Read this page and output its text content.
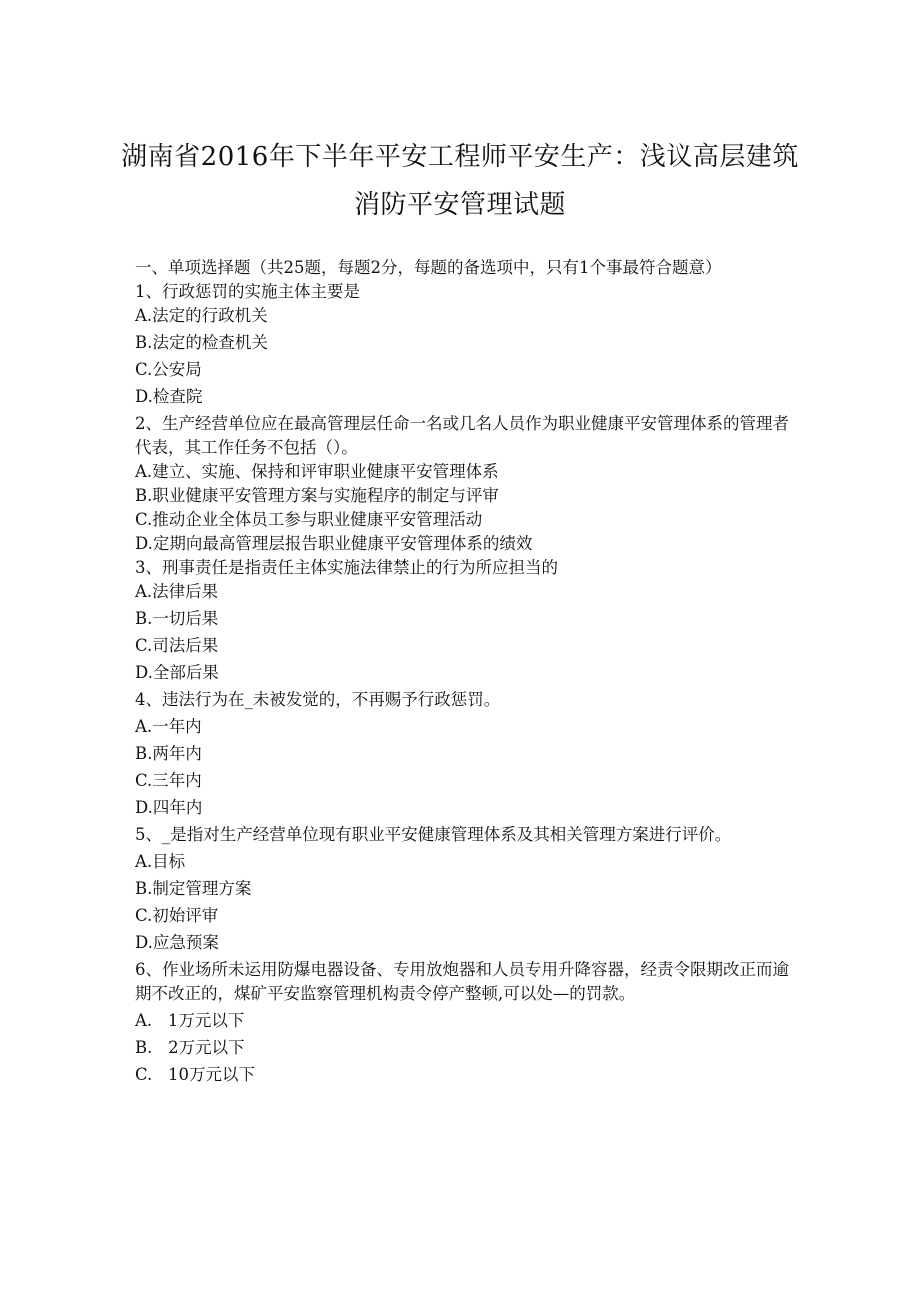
湖南省2016年下半年平安工程师平安生产：浅议高层建筑
消防平安管理试题
一、单项选择题（共25题，每题2分，每题的备选项中，只有1个事最符合题意）
1、行政惩罚的实施主体主要是
A.法定的行政机关
B.法定的检查机关
C.公安局
D.检查院
2、生产经营单位应在最高管理层任命一名或几名人员作为职业健康平安管理体系的管理者代表，其工作任务不包括（）。
A.建立、实施、保持和评审职业健康平安管理体系
B.职业健康平安管理方案与实施程序的制定与评审
C.推动企业全体员工参与职业健康平安管理活动
D.定期向最高管理层报告职业健康平安管理体系的绩效
3、刑事责任是指责任主体实施法律禁止的行为所应担当的
A.法律后果
B.一切后果
C.司法后果
D.全部后果
4、违法行为在_未被发觉的，不再赐予行政惩罚。
A.一年内
B.两年内
C.三年内
D.四年内
5、_是指对生产经营单位现有职业平安健康管理体系及其相关管理方案进行评价。
A.目标
B.制定管理方案
C.初始评审
D.应急预案
6、作业场所未运用防爆电器设备、专用放炮器和人员专用升降容器，经责令限期改正而逾期不改正的，煤矿平安监察管理机构责令停产整顿,可以处—的罚款。
A.   1万元以下
B.   2万元以下
C.   10万元以下
